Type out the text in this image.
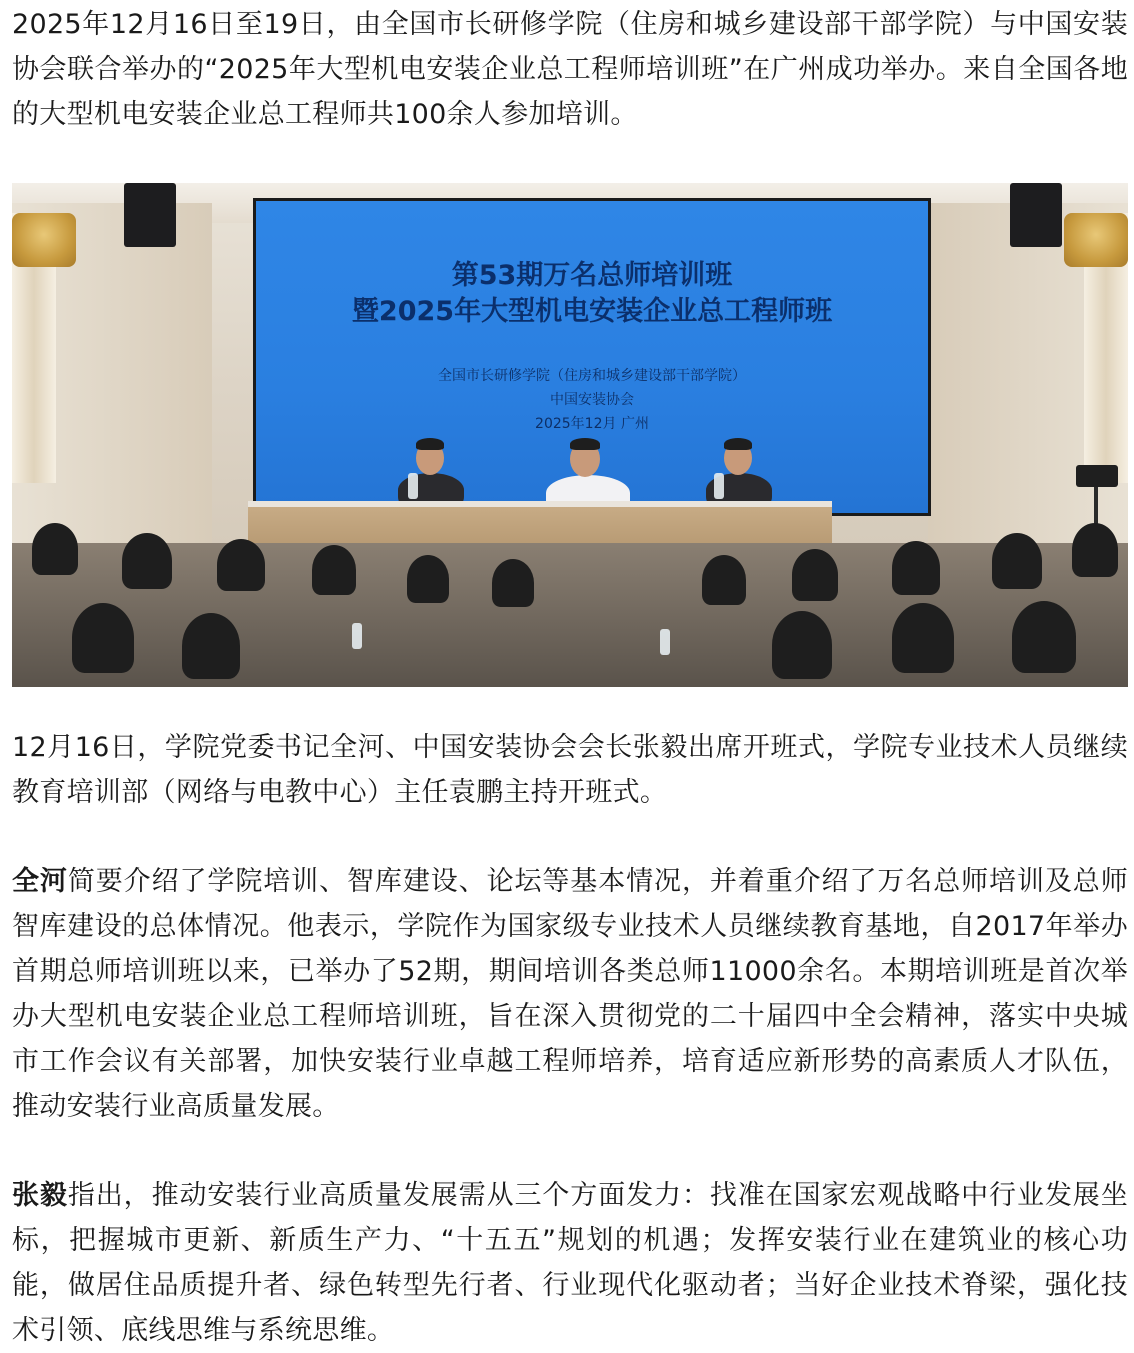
2025年12月16日至19日，由全国市长研修学院（住房和城乡建设部干部学院）与中国安装协会联合举办的“2025年大型机电安装企业总工程师培训班”在广州成功举办。来自全国各地的大型机电安装企业总工程师共100余人参加培训。

第53期万名总师培训班
暨2025年大型机电安装企业总工程师班
全国市长研修学院（住房和城乡建设部干部学院）
中国安装协会
2025年12月 广州

12月16日，学院党委书记全河、中国安装协会会长张毅出席开班式，学院专业技术人员继续教育培训部（网络与电教中心）主任袁鹏主持开班式。

全河简要介绍了学院培训、智库建设、论坛等基本情况，并着重介绍了万名总师培训及总师智库建设的总体情况。他表示，学院作为国家级专业技术人员继续教育基地，自2017年举办首期总师培训班以来，已举办了52期，期间培训各类总师11000余名。本期培训班是首次举办大型机电安装企业总工程师培训班，旨在深入贯彻党的二十届四中全会精神，落实中央城市工作会议有关部署，加快安装行业卓越工程师培养，培育适应新形势的高素质人才队伍，推动安装行业高质量发展。

张毅指出，推动安装行业高质量发展需从三个方面发力：找准在国家宏观战略中行业发展坐标，把握城市更新、新质生产力、“十五五”规划的机遇；发挥安装行业在建筑业的核心功能，做居住品质提升者、绿色转型先行者、行业现代化驱动者；当好企业技术脊梁，强化技术引领、底线思维与系统思维。
